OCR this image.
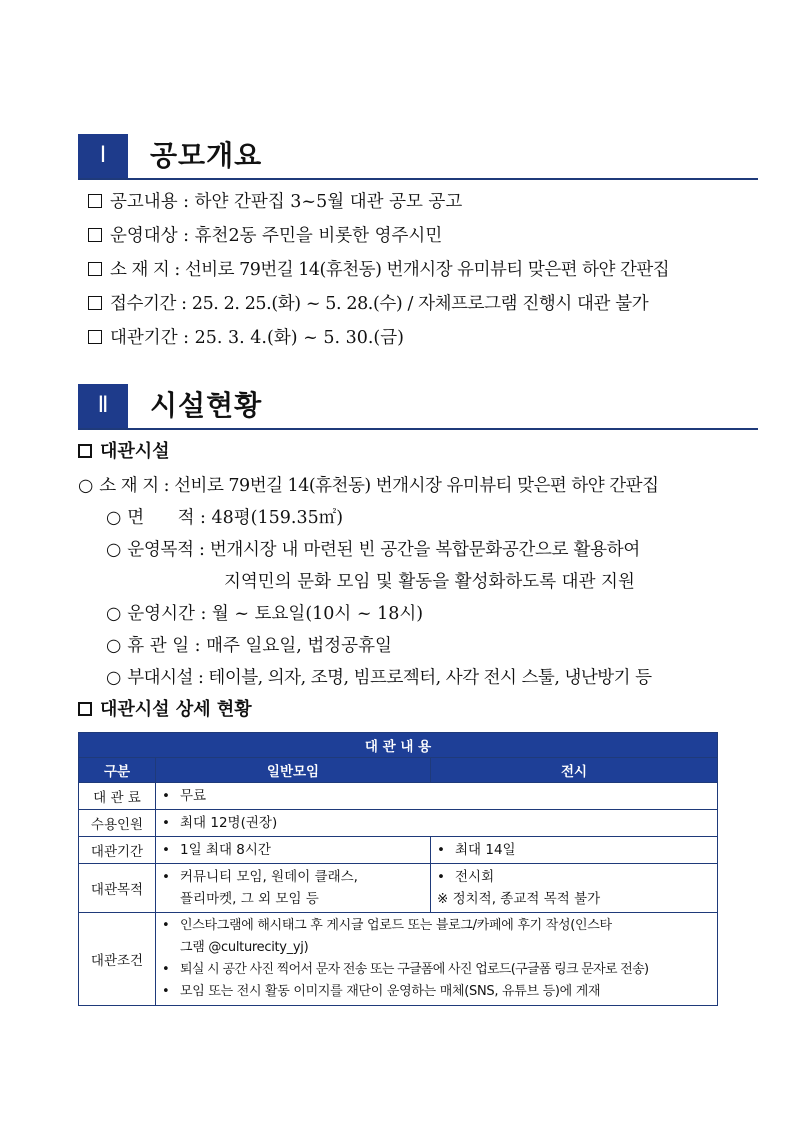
Ⅰ	공모개요
공고내용 : 하얀 간판집 3~5월 대관 공모 공고
운영대상 : 휴천2동 주민을 비롯한 영주시민
소 재 지 : 선비로 79번길 14(휴천동) 번개시장 유미뷰티 맞은편 하얀 간판집
접수기간 : 25. 2. 25.(화) ~ 5. 28.(수) / 자체프로그램 진행시 대관 불가
대관기간 : 25. 3. 4.(화) ~ 5. 30.(금)
Ⅱ	시설현황
대관시설
○ 소 재 지 : 선비로 79번길 14(휴천동) 번개시장 유미뷰티 맞은편 하얀 간판집
○ 면      적 : 48평(159.35㎡)
○ 운영목적 : 번개시장 내 마련된 빈 공간을 복합문화공간으로 활용하여
지역민의 문화 모임 및 활동을 활성화하도록 대관 지원
○ 운영시간 : 월 ~ 토요일(10시 ~ 18시)
○ 휴 관 일 : 매주 일요일, 법정공휴일
○ 부대시설 : 테이블, 의자, 조명, 빔프로젝터, 사각 전시 스툴, 냉난방기 등
대관시설 상세 현황
대 관 내 용		
구분	일반모임	전시
대 관 료	• 무료	

수용인원	• 최대 12명(권장)	

대관기간	• 1일 최대 8시간	• 최대 14일

대관목적	• 커뮤니티 모임, 원데이 클래스,
플리마켓, 그 외 모임 등	• 전시회
※ 정치적, 종교적 목적 불가

대관조건	• 인스타그램에 해시태그 후 게시글 업로드 또는 블로그/카페에 후기 작성(인스타
그램 @culturecity_yj)
• 퇴실 시 공간 사진 찍어서 문자 전송 또는 구글폼에 사진 업로드(구글폼 링크 문자로 전송)
• 모임 또는 전시 활동 이미지를 재단이 운영하는 매체(SNS, 유튜브 등)에 게재	
